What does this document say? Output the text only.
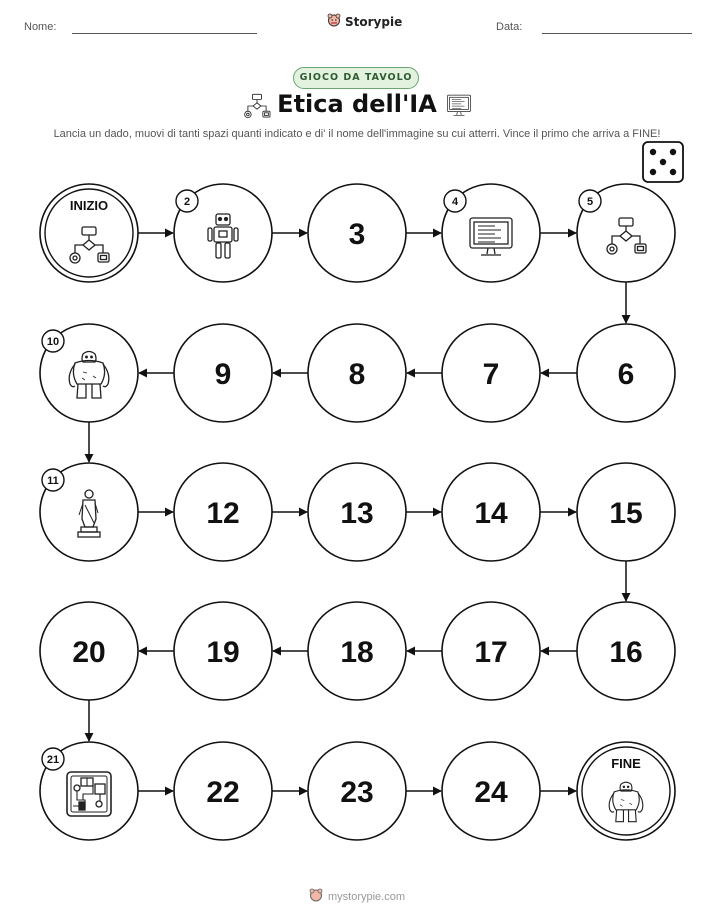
Nome:	Storypie	Data:
GIOCO DA TAVOLO
Etica dell'IA
Lancia un dado, muovi di tanti spazi quanti indicato e di' il nome dell'immagine su cui atterri. Vince il primo che arriva a FINE!
INIZIO	2
3
4	5
6
7
8
9
10
11
12	13	14	15
16
17
18
19
20
21
22	23	24
FINE
mystorypie.com
